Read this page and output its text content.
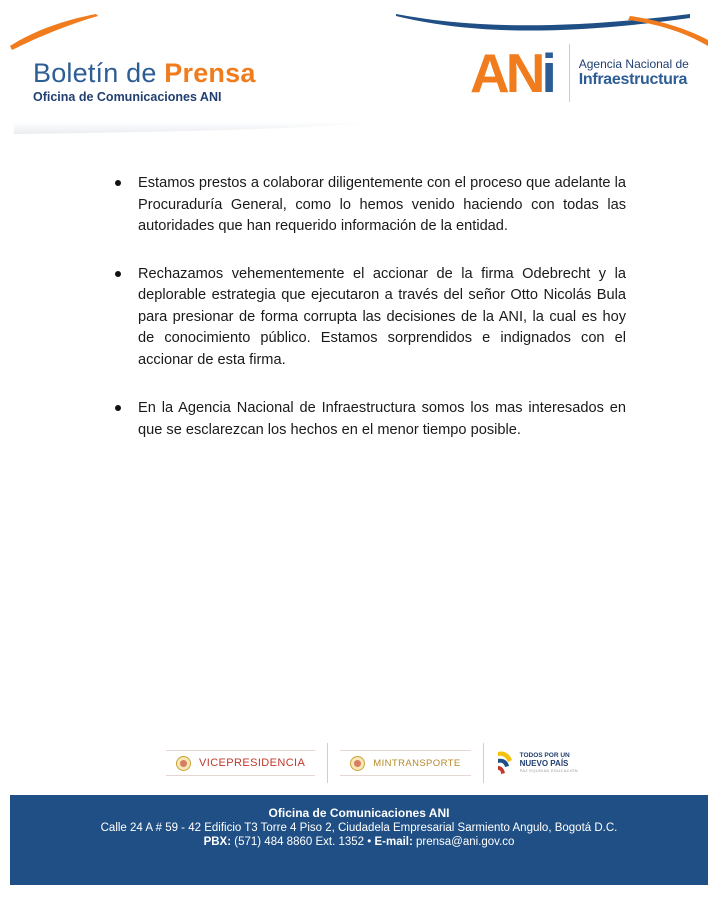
Boletín de Prensa
Oficina de Comunicaciones ANI	ANi Agencia Nacional de
Infraestructura
Estamos prestos a colaborar diligentemente con el proceso que adelante la Procuraduría General, como lo hemos venido haciendo con todas las autoridades que han requerido información de la entidad.
Rechazamos vehementemente el accionar de la firma Odebrecht y la deplorable estrategia que ejecutaron a través del señor Otto Nicolás Bula para presionar de forma corrupta las decisiones de la ANI, la cual es hoy de conocimiento público. Estamos sorprendidos e indignados con el accionar de esta firma.
En la Agencia Nacional de Infraestructura somos los mas interesados en que se esclarezcan los hechos en el menor tiempo posible.
VICEPRESIDENCIA	MINTRANSPORTE
TODOS POR UN
NUEVO PAÍS
PAZ EQUIDAD EDUCACIÓN
Oficina de Comunicaciones ANI
Calle 24 A # 59 - 42 Edificio T3 Torre 4 Piso 2, Ciudadela Empresarial Sarmiento Angulo, Bogotá D.C.
PBX: (571) 484 8860 Ext. 1352 • E-mail: prensa@ani.gov.co
